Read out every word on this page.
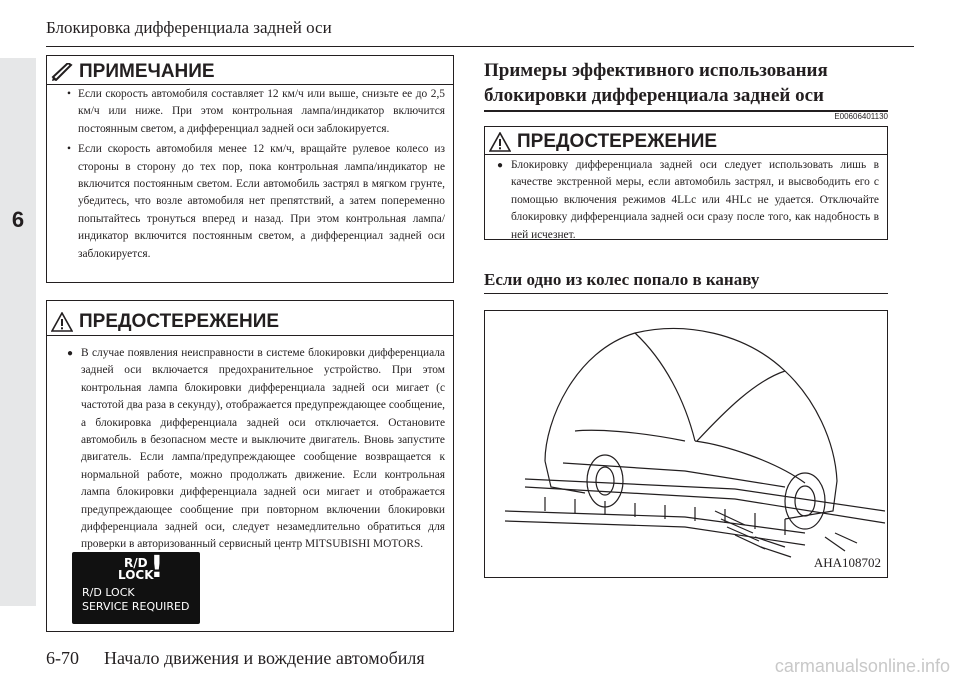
Блокировка дифференциала задней оси
6
ПРИМЕЧАНИЕ
• Если скорость автомобиля составляет 12 км/ч или выше, снизьте ее до 2,5 км/ч или ниже. При этом контрольная лампа/индикатор включится постоянным светом, а дифференциал задней оси заблокируется.
• Если скорость автомобиля менее 12 км/ч, вращайте рулевое колесо из стороны в сторону до тех пор, пока контрольная лампа/индикатор не включится постоянным светом. Если автомобиль застрял в мягком грунте, убедитесь, что возле автомобиля нет препятствий, а затем попеременно попытайтесь тронуться вперед и назад. При этом контрольная лампа/индикатор включится постоянным светом, а дифференциал задней оси заблокируется.
ПРЕДОСТЕРЕЖЕНИЕ
● В случае появления неисправности в системе блокировки дифференциала задней оси включается предохранительное устройство. При этом контрольная лампа блокировки дифференциала задней оси мигает (с частотой два раза в секунду), отображается предупреждающее сообщение, а блокировка дифференциала задней оси отключается. Остановите автомобиль в безопасном месте и выключите двигатель. Вновь запустите двигатель. Если лампа/предупреждающее сообщение возвращается к нормальной работе, можно продолжать движение. Если контрольная лампа блокировки дифференциала задней оси мигает и отображается предупреждающее сообщение при повторном включении блокировки дифференциала задней оси, следует незамедлительно обратиться для проверки в авторизованный сервисный центр MITSUBISHI MOTORS.
R/D
LOCK
!
R/D LOCK
SERVICE REQUIRED
Примеры эффективного использования блокировки дифференциала задней оси
E00606401130
ПРЕДОСТЕРЕЖЕНИЕ
● Блокировку дифференциала задней оси следует использовать лишь в качестве экстренной меры, если автомобиль застрял, и высвободить его с помощью включения режимов 4LLc или 4HLc не удается. Отключайте блокировку дифференциала задней оси сразу после того, как надобность в ней исчезнет.
Если одно из колес попало в канаву
AHA108702
6-70 Начало движения и вождение автомобиля	carmanualsonline.info
